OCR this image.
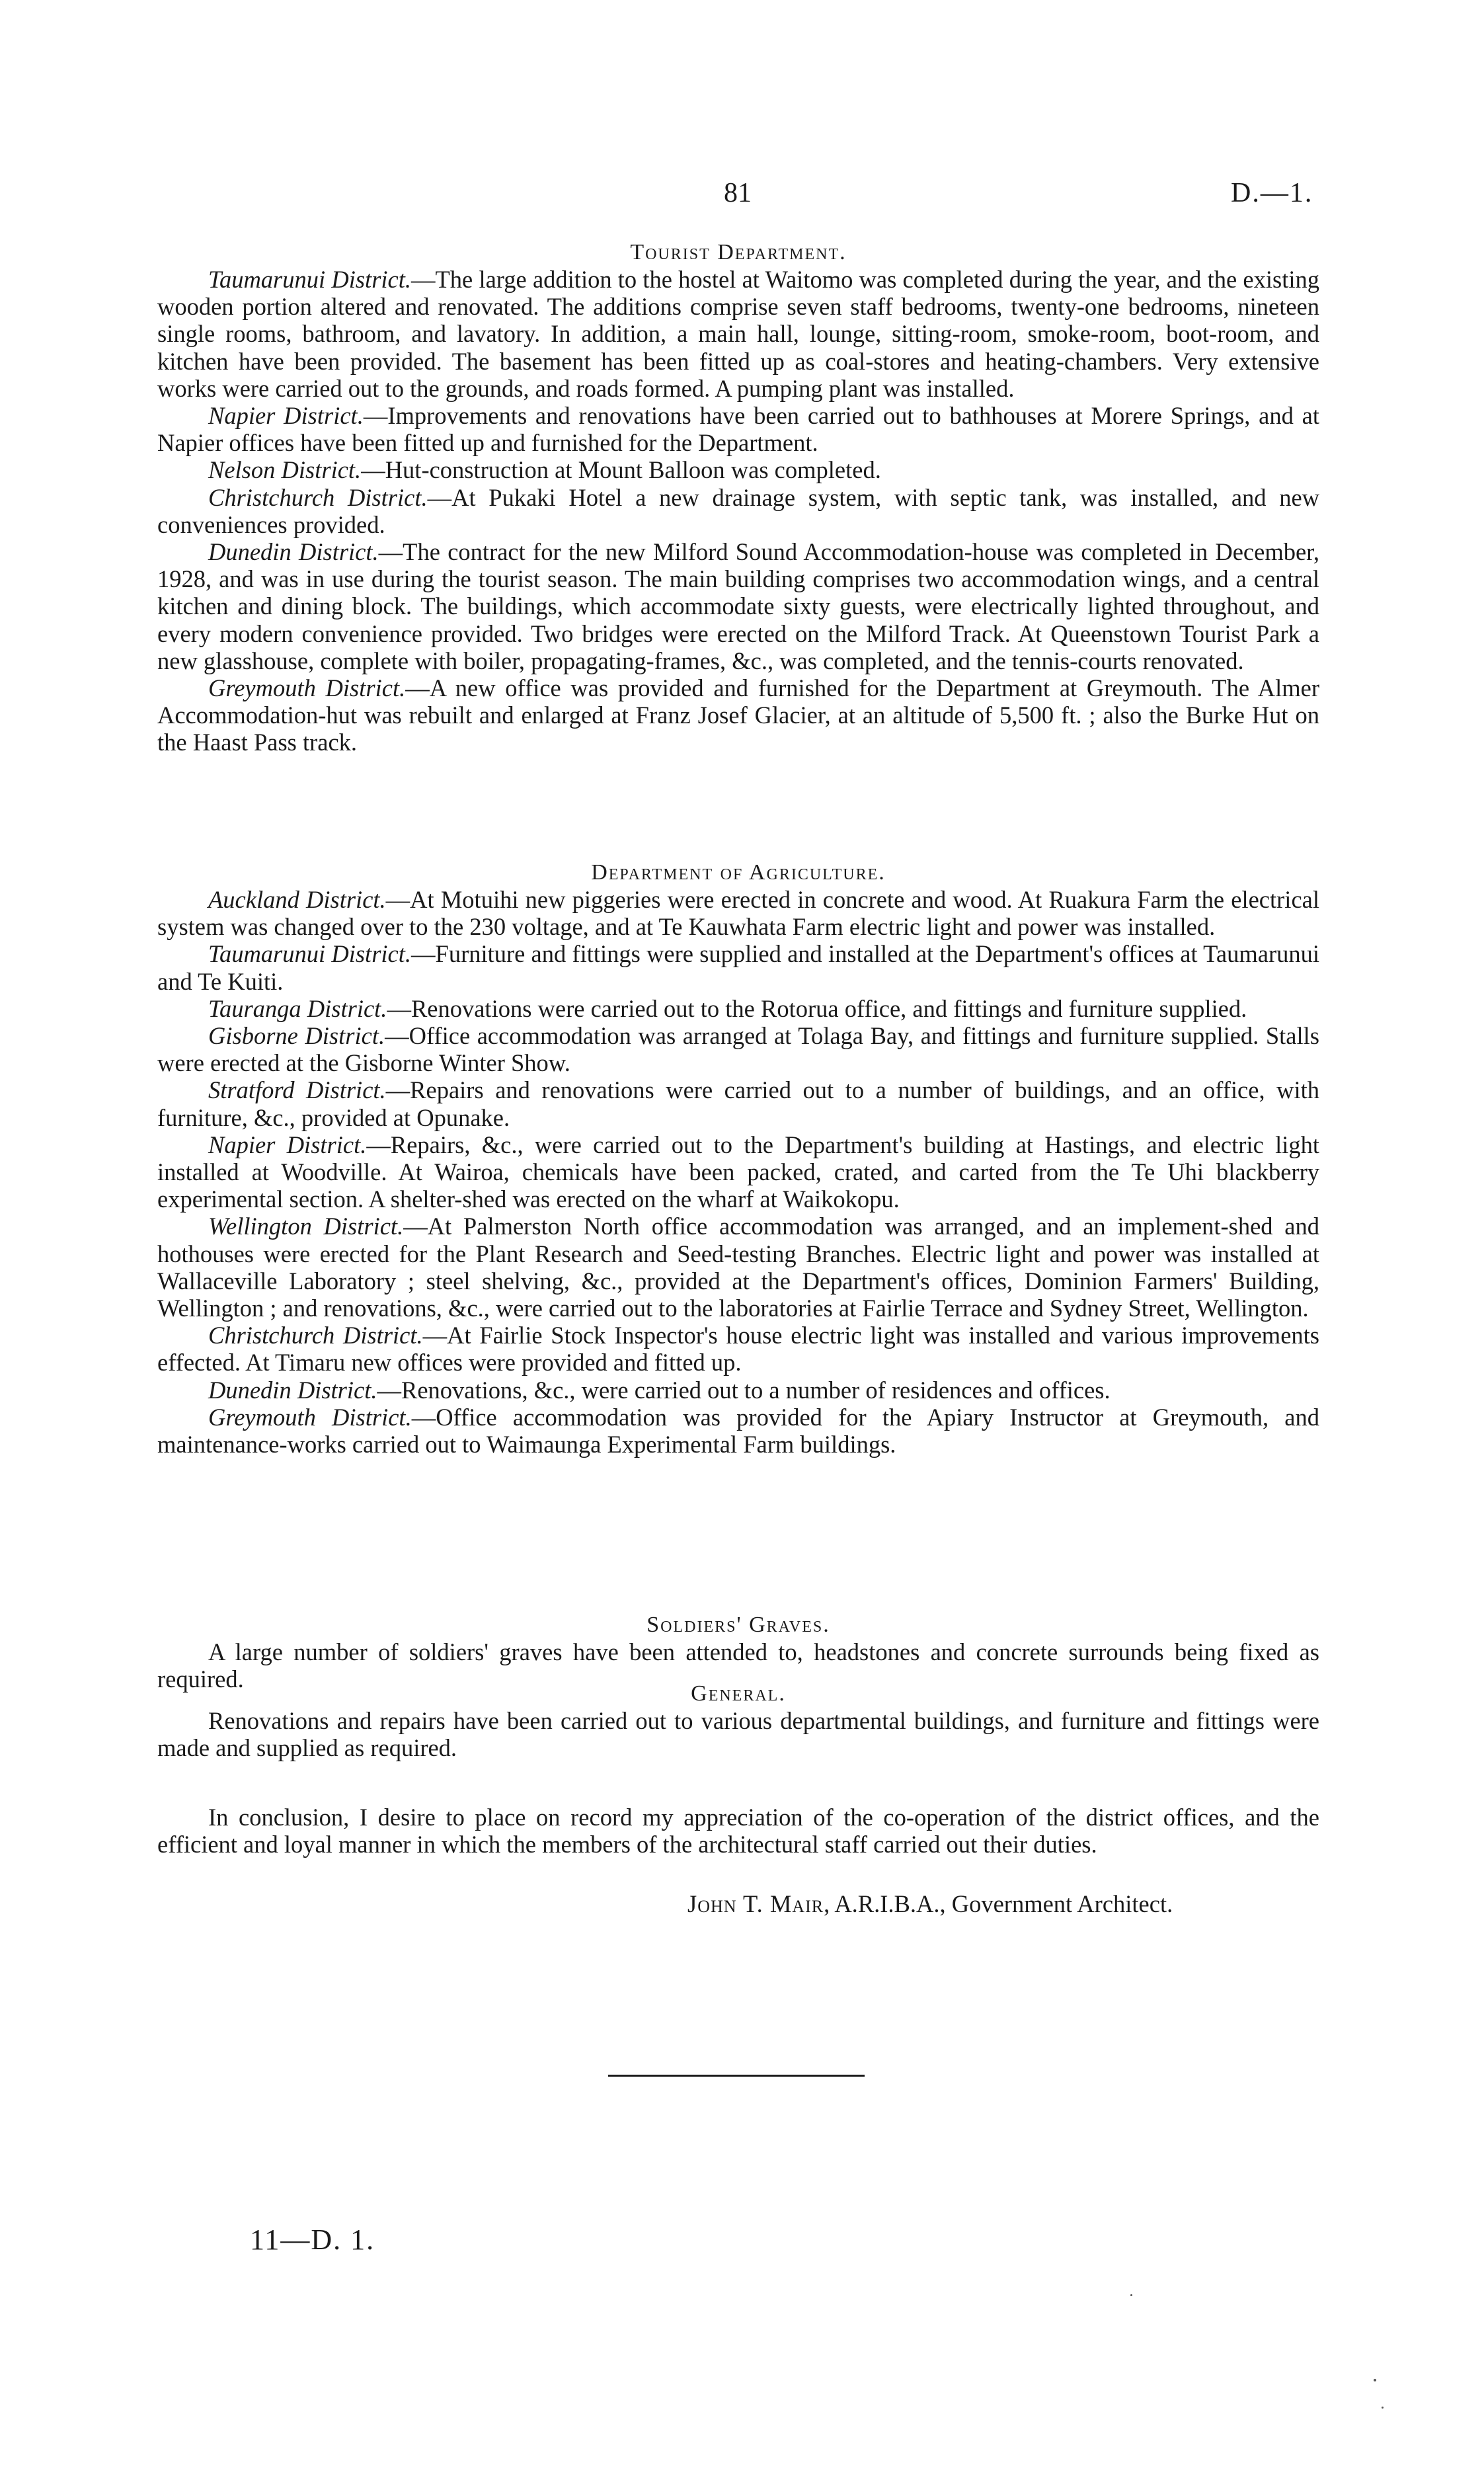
81	D.—1.

Tourist Department.

Taumarunui District.—The large addition to the hostel at Waitomo was completed during the year, and the existing wooden portion altered and renovated. The additions comprise seven staff bedrooms, twenty-one bedrooms, nineteen single rooms, bathroom, and lavatory. In addition, a main hall, lounge, sitting-room, smoke-room, boot-room, and kitchen have been provided. The basement has been fitted up as coal-stores and heating-chambers. Very extensive works were carried out to the grounds, and roads formed. A pumping plant was installed.

Napier District.—Improvements and renovations have been carried out to bathhouses at Morere Springs, and at Napier offices have been fitted up and furnished for the Department.

Nelson District.—Hut-construction at Mount Balloon was completed.

Christchurch District.—At Pukaki Hotel a new drainage system, with septic tank, was installed, and new conveniences provided.

Dunedin District.—The contract for the new Milford Sound Accommodation-house was completed in December, 1928, and was in use during the tourist season. The main building comprises two accommodation wings, and a central kitchen and dining block. The buildings, which accommodate sixty guests, were electrically lighted throughout, and every modern convenience provided. Two bridges were erected on the Milford Track. At Queenstown Tourist Park a new glasshouse, complete with boiler, propagating-frames, &c., was completed, and the tennis-courts renovated.

Greymouth District.—A new office was provided and furnished for the Department at Greymouth. The Almer Accommodation-hut was rebuilt and enlarged at Franz Josef Glacier, at an altitude of 5,500 ft. ; also the Burke Hut on the Haast Pass track.

Department of Agriculture.

Auckland District.—At Motuihi new piggeries were erected in concrete and wood. At Ruakura Farm the electrical system was changed over to the 230 voltage, and at Te Kauwhata Farm electric light and power was installed.

Taumarunui District.—Furniture and fittings were supplied and installed at the Department's offices at Taumarunui and Te Kuiti.

Tauranga District.—Renovations were carried out to the Rotorua office, and fittings and furniture supplied.

Gisborne District.—Office accommodation was arranged at Tolaga Bay, and fittings and furniture supplied. Stalls were erected at the Gisborne Winter Show.

Stratford District.—Repairs and renovations were carried out to a number of buildings, and an office, with furniture, &c., provided at Opunake.

Napier District.—Repairs, &c., were carried out to the Department's building at Hastings, and electric light installed at Woodville. At Wairoa, chemicals have been packed, crated, and carted from the Te Uhi blackberry experimental section. A shelter-shed was erected on the wharf at Waikokopu.

Wellington District.—At Palmerston North office accommodation was arranged, and an implement-shed and hothouses were erected for the Plant Research and Seed-testing Branches. Electric light and power was installed at Wallaceville Laboratory ; steel shelving, &c., provided at the Department's offices, Dominion Farmers' Building, Wellington ; and renovations, &c., were carried out to the laboratories at Fairlie Terrace and Sydney Street, Wellington.

Christchurch District.—At Fairlie Stock Inspector's house electric light was installed and various improvements effected. At Timaru new offices were provided and fitted up.

Dunedin District.—Renovations, &c., were carried out to a number of residences and offices.

Greymouth District.—Office accommodation was provided for the Apiary Instructor at Greymouth, and maintenance-works carried out to Waimaunga Experimental Farm buildings.

Soldiers' Graves.

A large number of soldiers' graves have been attended to, headstones and concrete surrounds being fixed as required.

General.

Renovations and repairs have been carried out to various departmental buildings, and furniture and fittings were made and supplied as required.

In conclusion, I desire to place on record my appreciation of the co-operation of the district offices, and the efficient and loyal manner in which the members of the architectural staff carried out their duties.

John T. Mair, A.R.I.B.A., Government Architect.
11—D. 1.
